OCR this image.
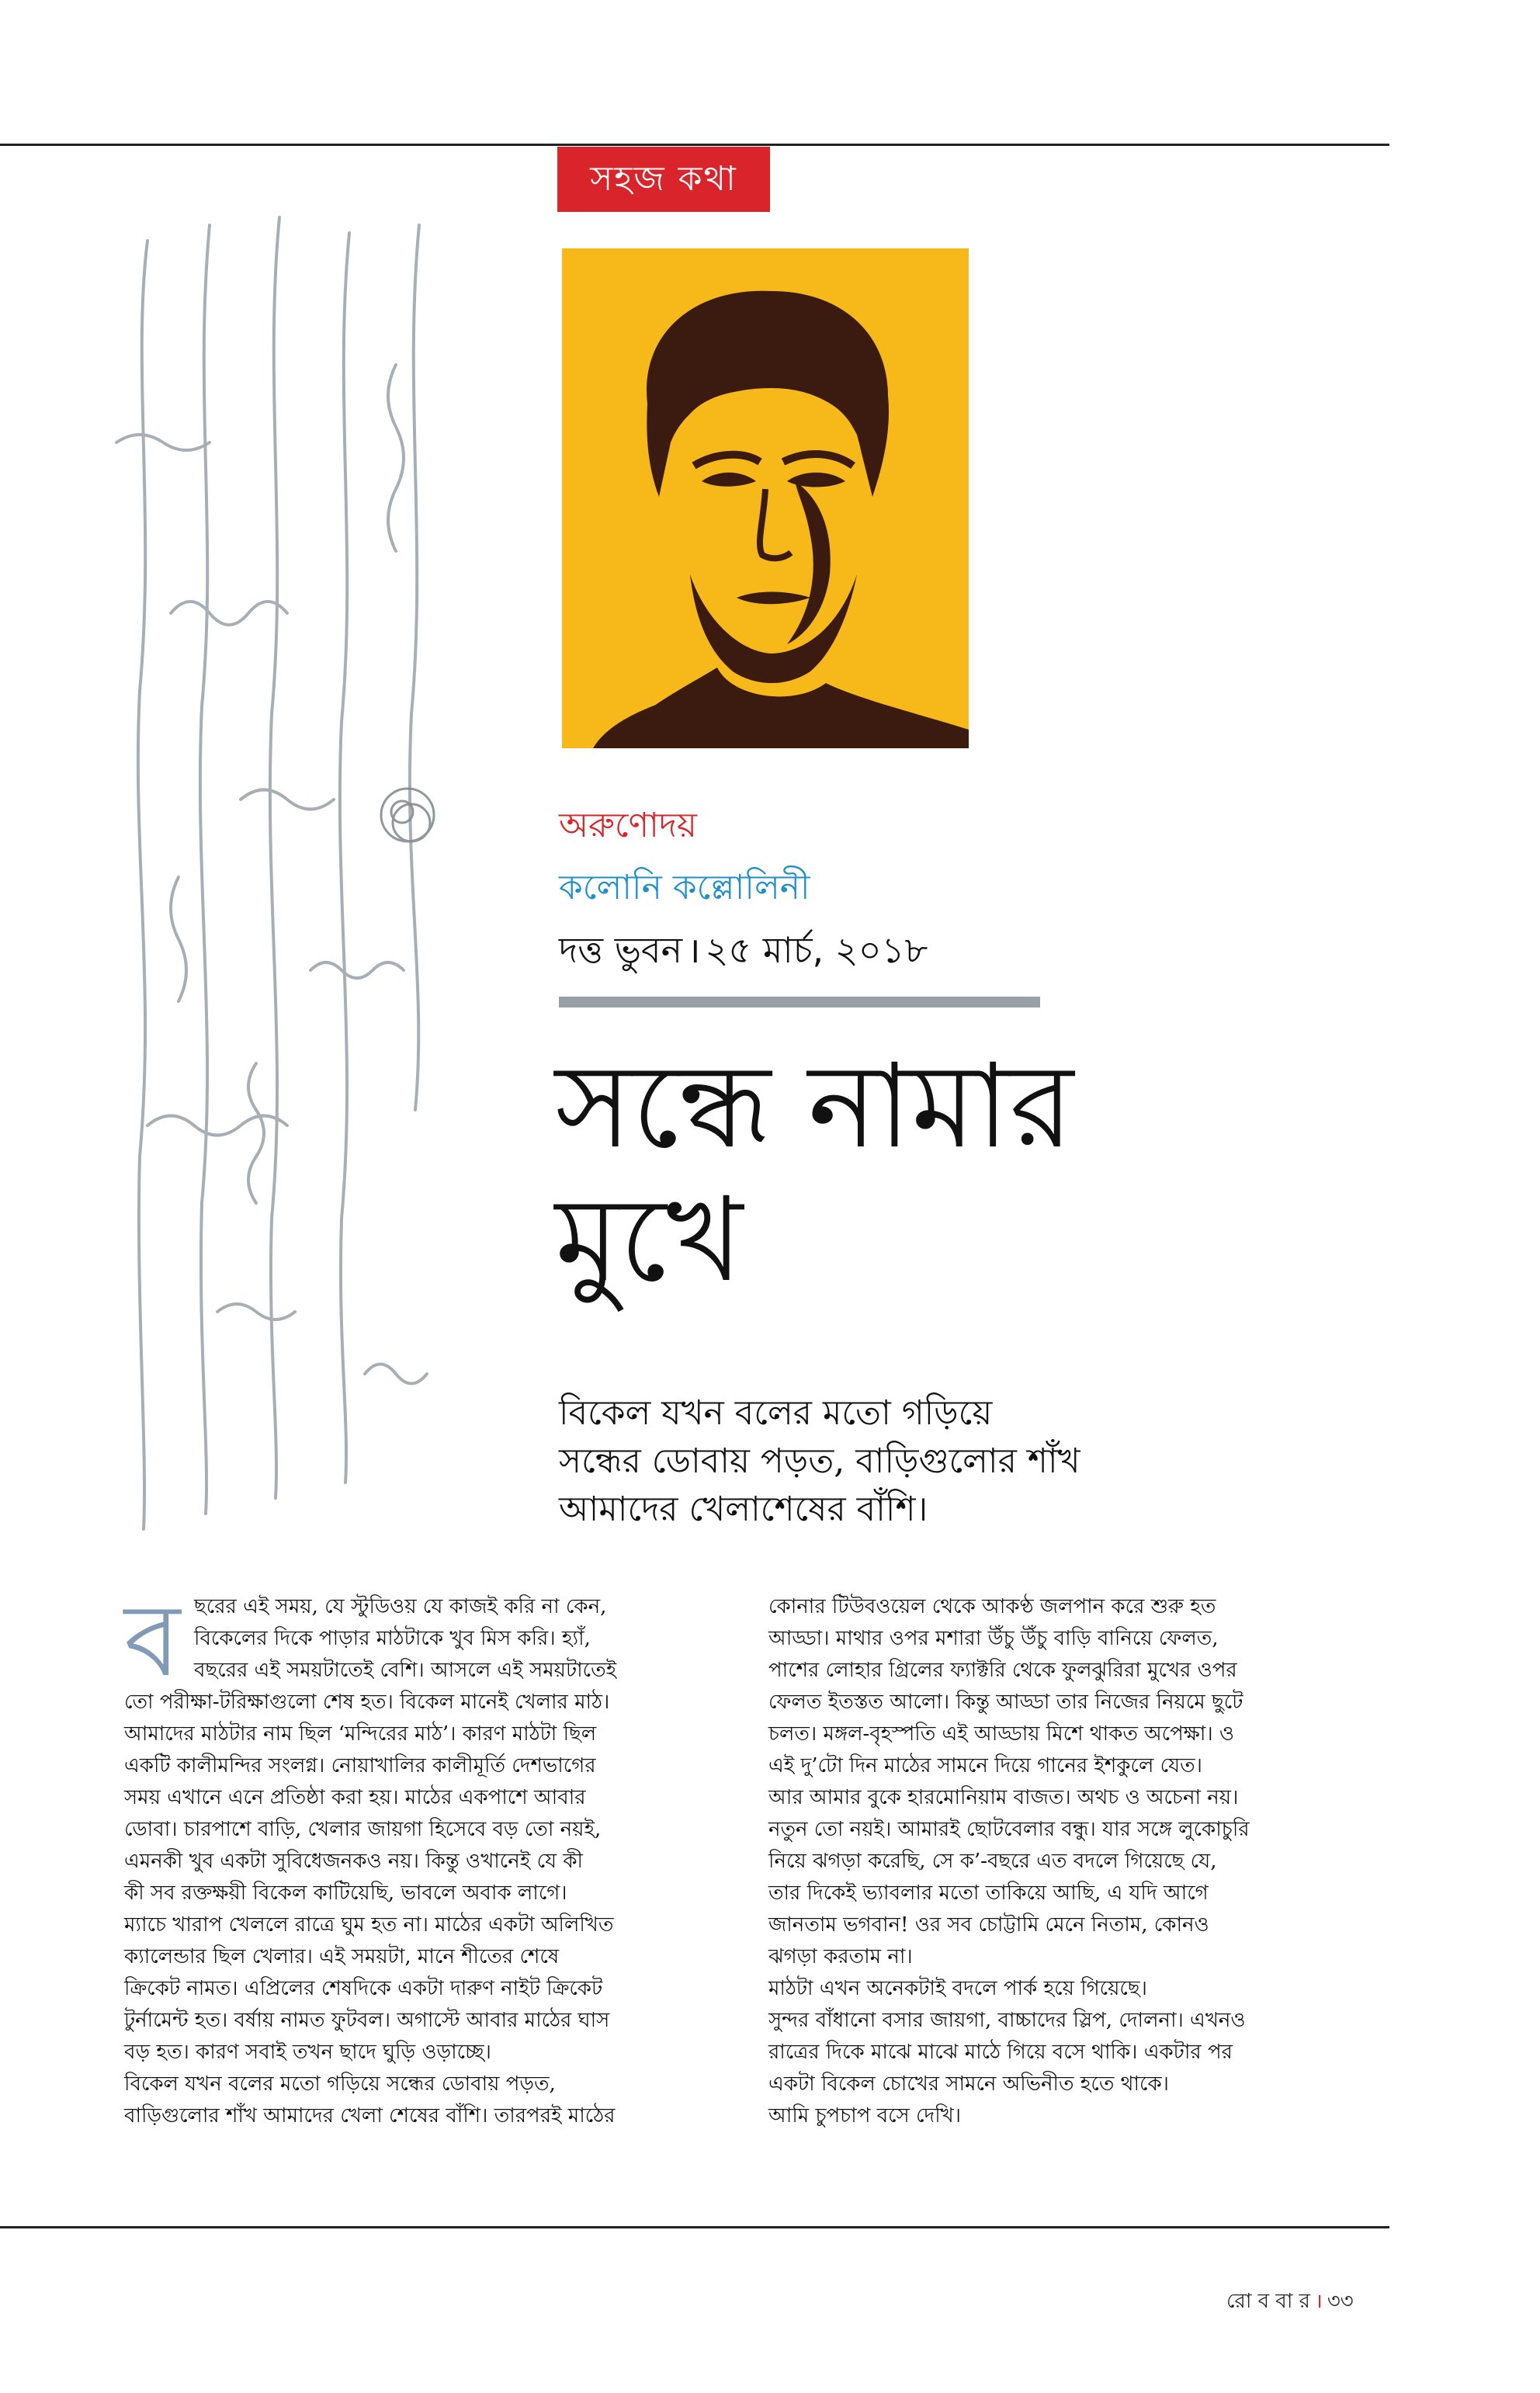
সহজ কথা
অরুণোদয়
কলোনি কল্লোলিনী
দত্ত ভুবন । ২৫ মার্চ, ২০১৮
সন্ধে নামার
মুখে
বিকেল যখন বলের মতো গড়িয়ে
সন্ধের ডোবায় পড়ত, বাড়িগুলোর শাঁখ
আমাদের খেলাশেষের বাঁশি।
ব ছরের এই সময়, যে স্টুডিওয় যে কাজই করি না কেন,
বিকেলের দিকে পাড়ার মাঠটাকে খুব মিস করি। হ্যাঁ,
বছরের এই সময়টাতেই বেশি। আসলে এই সময়টাতেই
তো পরীক্ষা-টরিক্ষাগুলো শেষ হত। বিকেল মানেই খেলার মাঠ।
আমাদের মাঠটার নাম ছিল ‘মন্দিরের মাঠ’। কারণ মাঠটা ছিল
একটি কালীমন্দির সংলগ্ন। নোয়াখালির কালীমূর্তি দেশভাগের
সময় এখানে এনে প্রতিষ্ঠা করা হয়। মাঠের একপাশে আবার
ডোবা। চারপাশে বাড়ি, খেলার জায়গা হিসেবে বড় তো নয়ই,
এমনকী খুব একটা সুবিধেজনকও নয়। কিন্তু ওখানেই যে কী
কী সব রক্তক্ষয়ী বিকেল কাটিয়েছি, ভাবলে অবাক লাগে।
ম্যাচে খারাপ খেললে রাত্রে ঘুম হত না। মাঠের একটা অলিখিত
ক্যালেন্ডার ছিল খেলার। এই সময়টা, মানে শীতের শেষে
ক্রিকেট নামত। এপ্রিলের শেষদিকে একটা দারুণ নাইট ক্রিকেট
টুর্নামেন্ট হত। বর্ষায় নামত ফুটবল। অগাস্টে আবার মাঠের ঘাস
বড় হত। কারণ সবাই তখন ছাদে ঘুড়ি ওড়াচ্ছে।
বিকেল যখন বলের মতো গড়িয়ে সন্ধের ডোবায় পড়ত,
বাড়িগুলোর শাঁখ আমাদের খেলা শেষের বাঁশি। তারপরই মাঠের
কোনার টিউবওয়েল থেকে আকণ্ঠ জলপান করে শুরু হত
আড্ডা। মাথার ওপর মশারা উঁচু উঁচু বাড়ি বানিয়ে ফেলত,
পাশের লোহার গ্রিলের ফ্যাক্টরি থেকে ফুলঝুরিরা মুখের ওপর
ফেলত ইতস্তত আলো। কিন্তু আড্ডা তার নিজের নিয়মে ছুটে
চলত। মঙ্গল-বৃহস্পতি এই আড্ডায় মিশে থাকত অপেক্ষা। ও
এই দু’টো দিন মাঠের সামনে দিয়ে গানের ইশকুলে যেত।
আর আমার বুকে হারমোনিয়াম বাজত। অথচ ও অচেনা নয়।
নতুন তো নয়ই। আমারই ছোটবেলার বন্ধু। যার সঙ্গে লুকোচুরি
নিয়ে ঝগড়া করেছি, সে ক’-বছরে এত বদলে গিয়েছে যে,
তার দিকেই ভ্যাবলার মতো তাকিয়ে আছি, এ যদি আগে
জানতাম ভগবান! ওর সব চোট্টামি মেনে নিতাম, কোনও
ঝগড়া করতাম না।
মাঠটা এখন অনেকটাই বদলে পার্ক হয়ে গিয়েছে।
সুন্দর বাঁধানো বসার জায়গা, বাচ্চাদের স্লিপ, দোলনা। এখনও
রাত্রের দিকে মাঝে মাঝে মাঠে গিয়ে বসে থাকি। একটার পর
একটা বিকেল চোখের সামনে অভিনীত হতে থাকে।
আমি চুপচাপ বসে দেখি।
রো ব বা র । ৩৩
